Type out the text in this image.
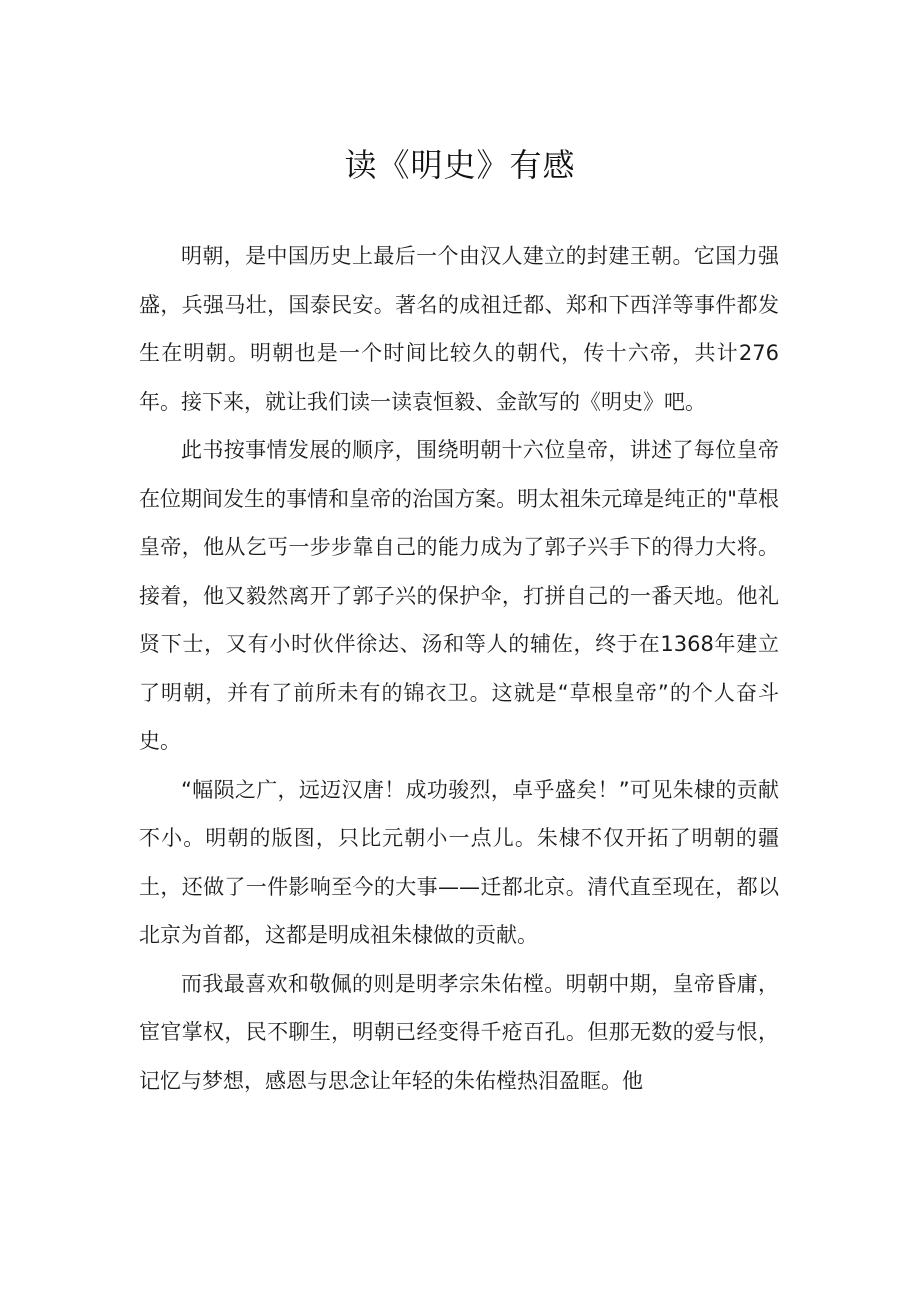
读《明史》有感

明朝，是中国历史上最后一个由汉人建立的封建王朝。它国力强盛，兵强马壮，国泰民安。著名的成祖迁都、郑和下西洋等事件都发生在明朝。明朝也是一个时间比较久的朝代，传十六帝，共计276年。接下来，就让我们读一读袁恒毅、金歆写的《明史》吧。

此书按事情发展的顺序，围绕明朝十六位皇帝，讲述了每位皇帝在位期间发生的事情和皇帝的治国方案。明太祖朱元璋是纯正的"草根皇帝，他从乞丐一步步靠自己的能力成为了郭子兴手下的得力大将。接着，他又毅然离开了郭子兴的保护伞，打拼自己的一番天地。他礼贤下士，又有小时伙伴徐达、汤和等人的辅佐，终于在1368年建立了明朝，并有了前所未有的锦衣卫。这就是“草根皇帝”的个人奋斗史。

“幅陨之广，远迈汉唐！成功骏烈，卓乎盛矣！”可见朱棣的贡献不小。明朝的版图，只比元朝小一点儿。朱棣不仅开拓了明朝的疆土，还做了一件影响至今的大事——迁都北京。清代直至现在，都以北京为首都，这都是明成祖朱棣做的贡献。

而我最喜欢和敬佩的则是明孝宗朱佑樘。明朝中期，皇帝昏庸，宦官掌权，民不聊生，明朝已经变得千疮百孔。但那无数的爱与恨，记忆与梦想，感恩与思念让年轻的朱佑樘热泪盈眶。他
